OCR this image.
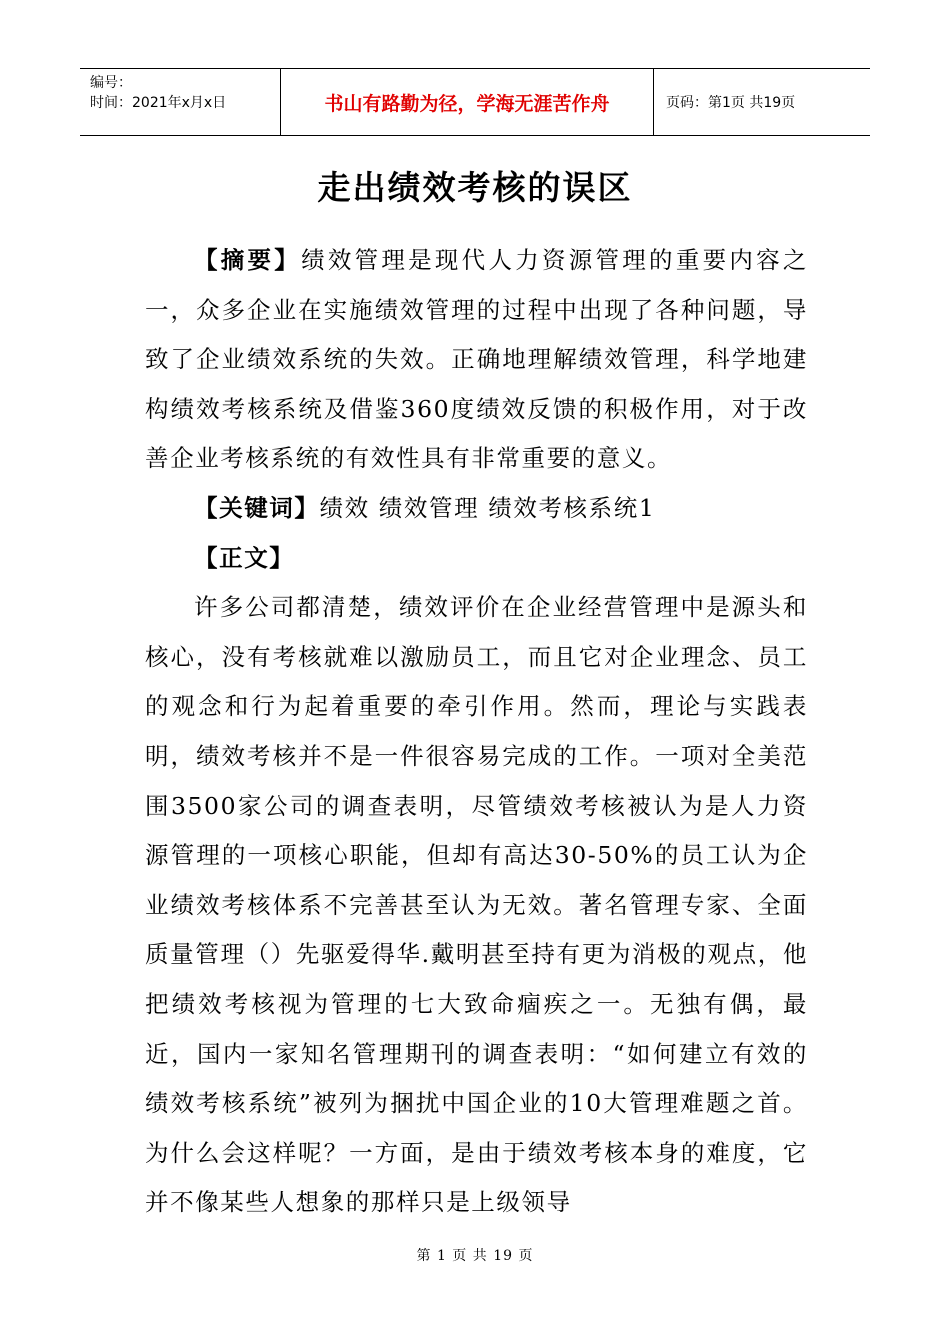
编号：
时间：2021年x月x日	书山有路勤为径，学海无涯苦作舟	页码：第1页 共19页
走出绩效考核的误区

【摘要】绩效管理是现代人力资源管理的重要内容之一，众多企业在实施绩效管理的过程中出现了各种问题，导致了企业绩效系统的失效。正确地理解绩效管理，科学地建构绩效考核系统及借鉴360度绩效反馈的积极作用，对于改善企业考核系统的有效性具有非常重要的意义。

【关键词】绩效 绩效管理 绩效考核系统1

【正文】

许多公司都清楚，绩效评价在企业经营管理中是源头和核心，没有考核就难以激励员工，而且它对企业理念、员工的观念和行为起着重要的牵引作用。然而，理论与实践表明，绩效考核并不是一件很容易完成的工作。一项对全美范围3500家公司的调查表明，尽管绩效考核被认为是人力资源管理的一项核心职能，但却有高达30-50%的员工认为企业绩效考核体系不完善甚至认为无效。著名管理专家、全面质量管理（）先驱爱得华.戴明甚至持有更为消极的观点，他把绩效考核视为管理的七大致命痼疾之一。无独有偶，最近，国内一家知名管理期刊的调查表明：“如何建立有效的绩效考核系统”被列为捆扰中国企业的10大管理难题之首。为什么会这样呢？一方面，是由于绩效考核本身的难度，它并不像某些人想象的那样只是上级领导

第 1 页 共 19 页
